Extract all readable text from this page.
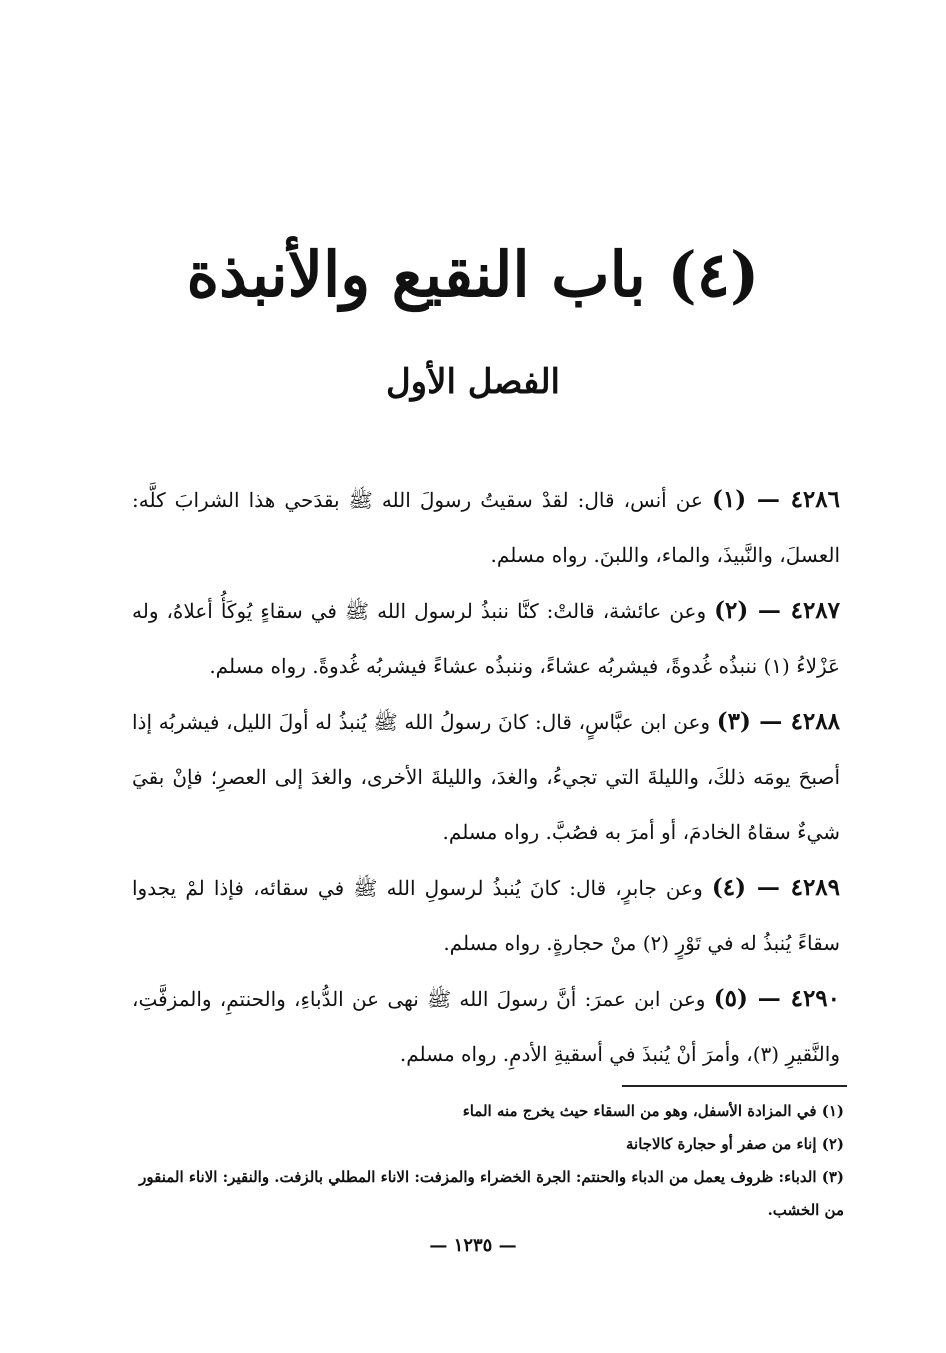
(٤) باب النقيع والأنبذة
الفصل الأول

٤٢٨٦ — (١) عن أنس، قال: لقدْ سقيتُ رسولَ الله ﷺ بقدَحي هذا الشرابَ كلَّه: العسلَ، والنَّبيذَ، والماء، واللبنَ. رواه مسلم.

٤٢٨٧ — (٢) وعن عائشة، قالتْ: كنَّا ننبذُ لرسول الله ﷺ في سقاءٍ يُوكَأُ أعلاهُ، وله عَزْلاءُ (١) ننبذُه غُدوةً، فيشربُه عشاءً، وننبذُه عشاءً فيشربُه غُدوةً. رواه مسلم.

٤٢٨٨ — (٣) وعن ابن عبَّاسٍ، قال: كانَ رسولُ الله ﷺ يُنبذُ له أولَ الليل، فيشربُه إذا أصبحَ يومَه ذلكَ، والليلةَ التي تجيءُ، والغدَ، والليلةَ الأخرى، والغدَ إلى العصرِ؛ فإنْ بقيَ شيءٌ سقاهُ الخادمَ، أو أمرَ به فصُبَّ. رواه مسلم.

٤٢٨٩ — (٤) وعن جابرٍ، قال: كانَ يُنبذُ لرسولِ الله ﷺ في سقائه، فإذا لمْ يجدوا سقاءً يُنبذُ له في تَوْرٍ (٢) منْ حجارةٍ. رواه مسلم.

٤٢٩٠ — (٥) وعن ابن عمرَ: أنَّ رسولَ الله ﷺ نهى عن الدُّباءِ، والحنتمِ، والمزفَّتِ، والنَّقيرِ (٣)، وأمرَ أنْ يُنبذَ في أسقيةِ الأدمِ. رواه مسلم.

(١) في المزادة الأسفل، وهو من السقاء حيث يخرج منه الماء

(٢) إناء من صفر أو حجارة كالاجانة

(٣) الدباء: ظروف يعمل من الدباء والحنتم: الجرة الخضراء والمزفت: الاناء المطلي بالزفت. والنقير: الاناء المنقور من الخشب.

— ١٢٣٥ —
